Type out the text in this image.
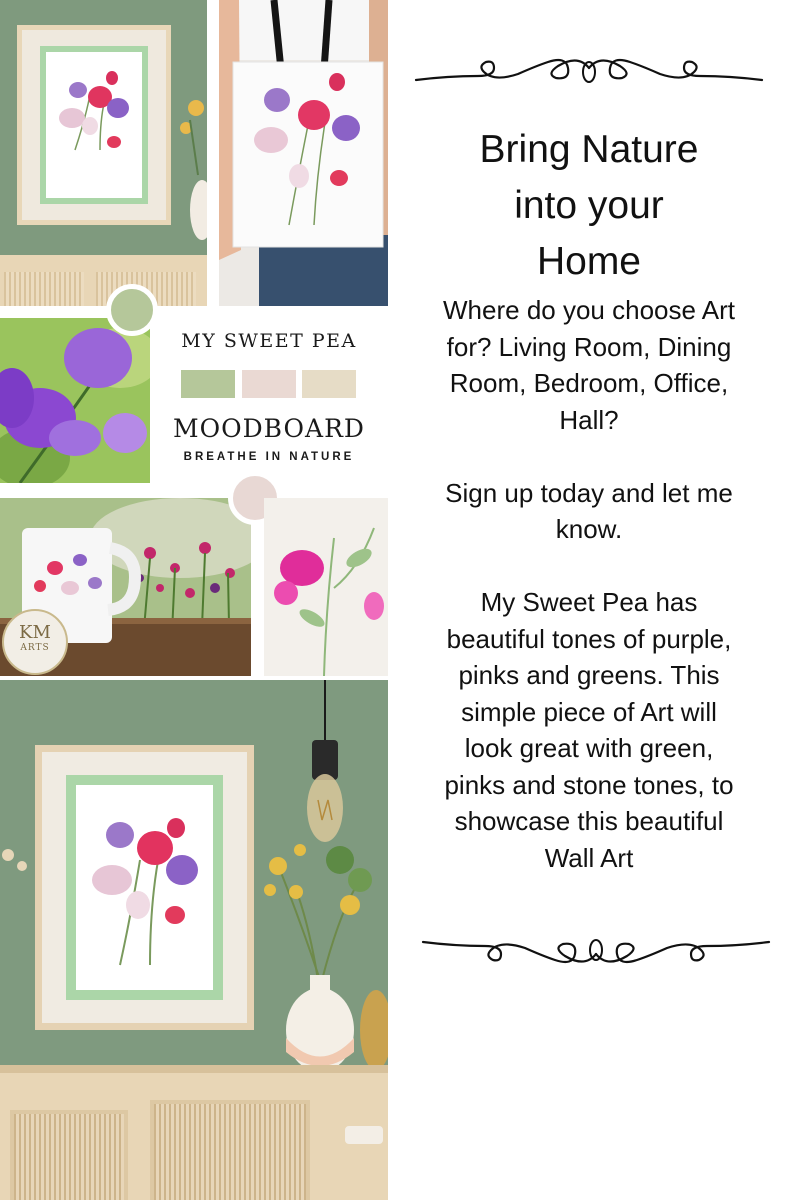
MY SWEET PEA
MOODBOARD
BREATHE IN NATURE
KM
ARTS
Bring Nature
into your
Home

Where do you choose Art

for? Living Room, Dining

Room, Bedroom, Office,

Hall?

Sign up today and let me

know.

My Sweet Pea has

beautiful tones of purple,

pinks and greens. This

simple piece of Art will

look great with green,

pinks and stone tones, to

showcase this beautiful

Wall Art
